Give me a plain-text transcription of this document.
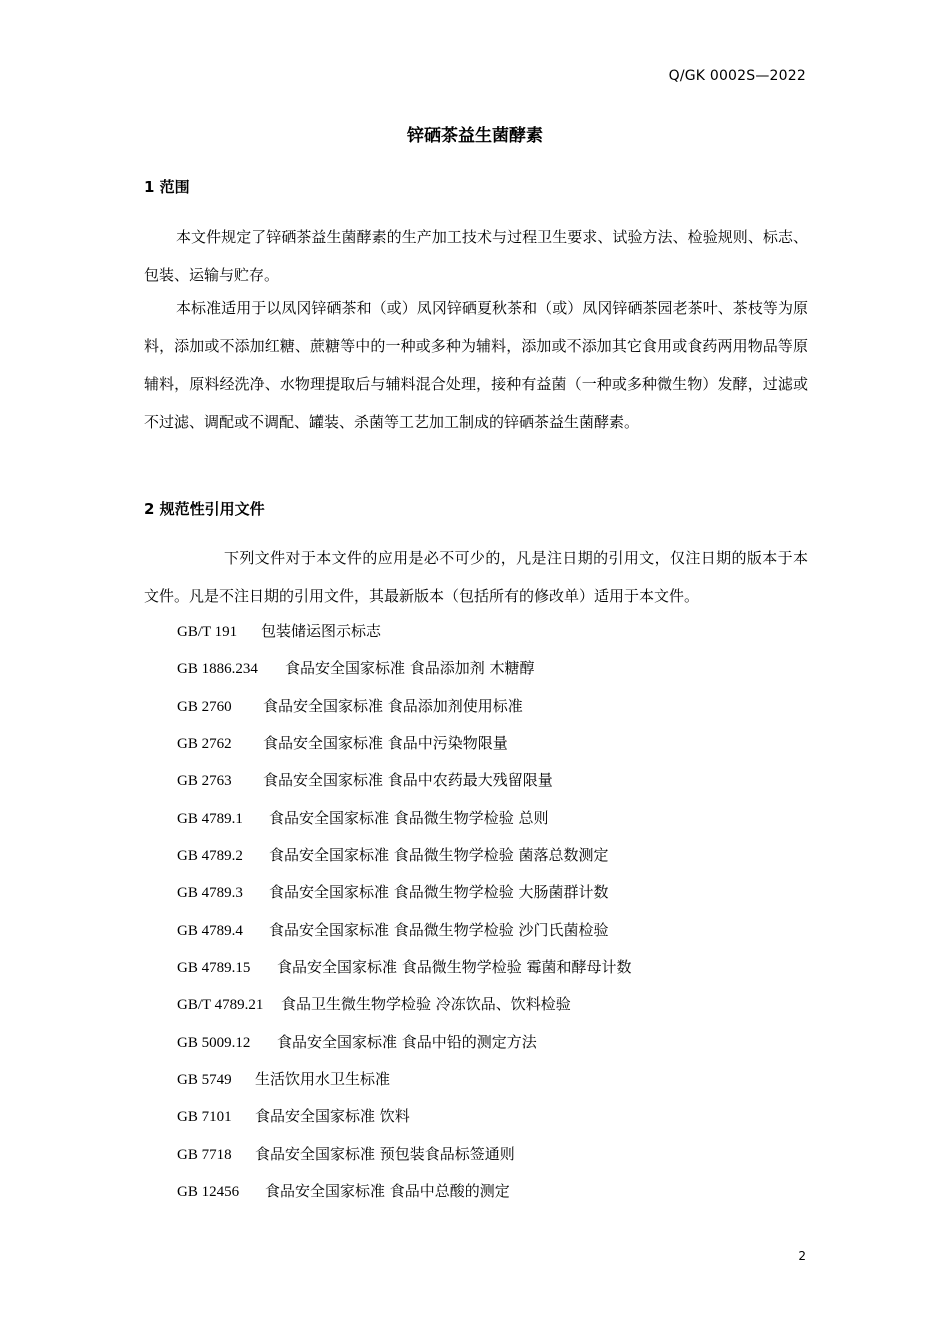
Q/GK 0002S—2022
锌硒茶益生菌酵素
1 范围

本文件规定了锌硒茶益生菌酵素的生产加工技术与过程卫生要求、试验方法、检验规则、标志、包装、运输与贮存。

本标准适用于以凤冈锌硒茶和（或）凤冈锌硒夏秋茶和（或）凤冈锌硒茶园老茶叶、茶枝等为原料，添加或不添加红糖、蔗糖等中的一种或多种为辅料，添加或不添加其它食用或食药两用物品等原辅料，原料经洗净、水物理提取后与辅料混合处理，接种有益菌（一种或多种微生物）发酵，过滤或不过滤、调配或不调配、罐装、杀菌等工艺加工制成的锌硒茶益生菌酵素。

2 规范性引用文件

下列文件对于本文件的应用是必不可少的，凡是注日期的引用文，仅注日期的版本于本文件。凡是不注日期的引用文件，其最新版本（包括所有的修改单）适用于本文件。

GB/T 191 包装储运图示标志
GB 1886.234 食品安全国家标准 食品添加剂 木糖醇
GB 2760 食品安全国家标准 食品添加剂使用标准
GB 2762 食品安全国家标准 食品中污染物限量
GB 2763 食品安全国家标准 食品中农药最大残留限量
GB 4789.1 食品安全国家标准 食品微生物学检验 总则
GB 4789.2 食品安全国家标准 食品微生物学检验 菌落总数测定
GB 4789.3 食品安全国家标准 食品微生物学检验 大肠菌群计数
GB 4789.4 食品安全国家标准 食品微生物学检验 沙门氏菌检验
GB 4789.15 食品安全国家标准 食品微生物学检验 霉菌和酵母计数
GB/T 4789.21 食品卫生微生物学检验 冷冻饮品、饮料检验
GB 5009.12 食品安全国家标准 食品中铅的测定方法
GB 5749 生活饮用水卫生标准
GB 7101 食品安全国家标准 饮料
GB 7718 食品安全国家标准 预包装食品标签通则
GB 12456 食品安全国家标准 食品中总酸的测定
2
